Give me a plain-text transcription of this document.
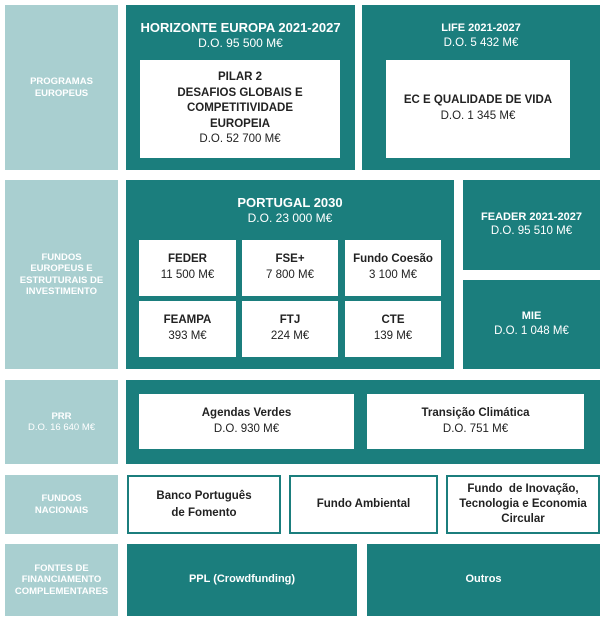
PROGRAMAS
EUROPEUS
HORIZONTE EUROPA 2021-2027
D.O. 95 500 M€
PILAR 2
DESAFIOS GLOBAIS E
COMPETITIVIDADE
EUROPEIA
D.O. 52 700 M€
LIFE 2021-2027
D.O. 5 432 M€
EC E QUALIDADE DE VIDA
D.O. 1 345 M€
FUNDOS
EUROPEUS E
ESTRUTURAIS DE
INVESTIMENTO
PORTUGAL 2030
D.O. 23 000 M€
FEDER
11 500 M€
FSE+
7 800 M€
Fundo Coesão
3 100 M€
FEAMPA
393 M€
FTJ
224 M€
CTE
139 M€
FEADER 2021-2027
D.O. 95 510 M€
MIE
D.O. 1 048 M€
PRR
D.O. 16 640 M€
Agendas Verdes
D.O. 930 M€
Transição Climática
D.O. 751 M€
FUNDOS
NACIONAIS
Banco Português
de Fomento
Fundo Ambiental
Fundo  de Inovação,
Tecnologia e Economia
Circular
FONTES DE
FINANCIAMENTO
COMPLEMENTARES
PPL (Crowdfunding)	Outros
